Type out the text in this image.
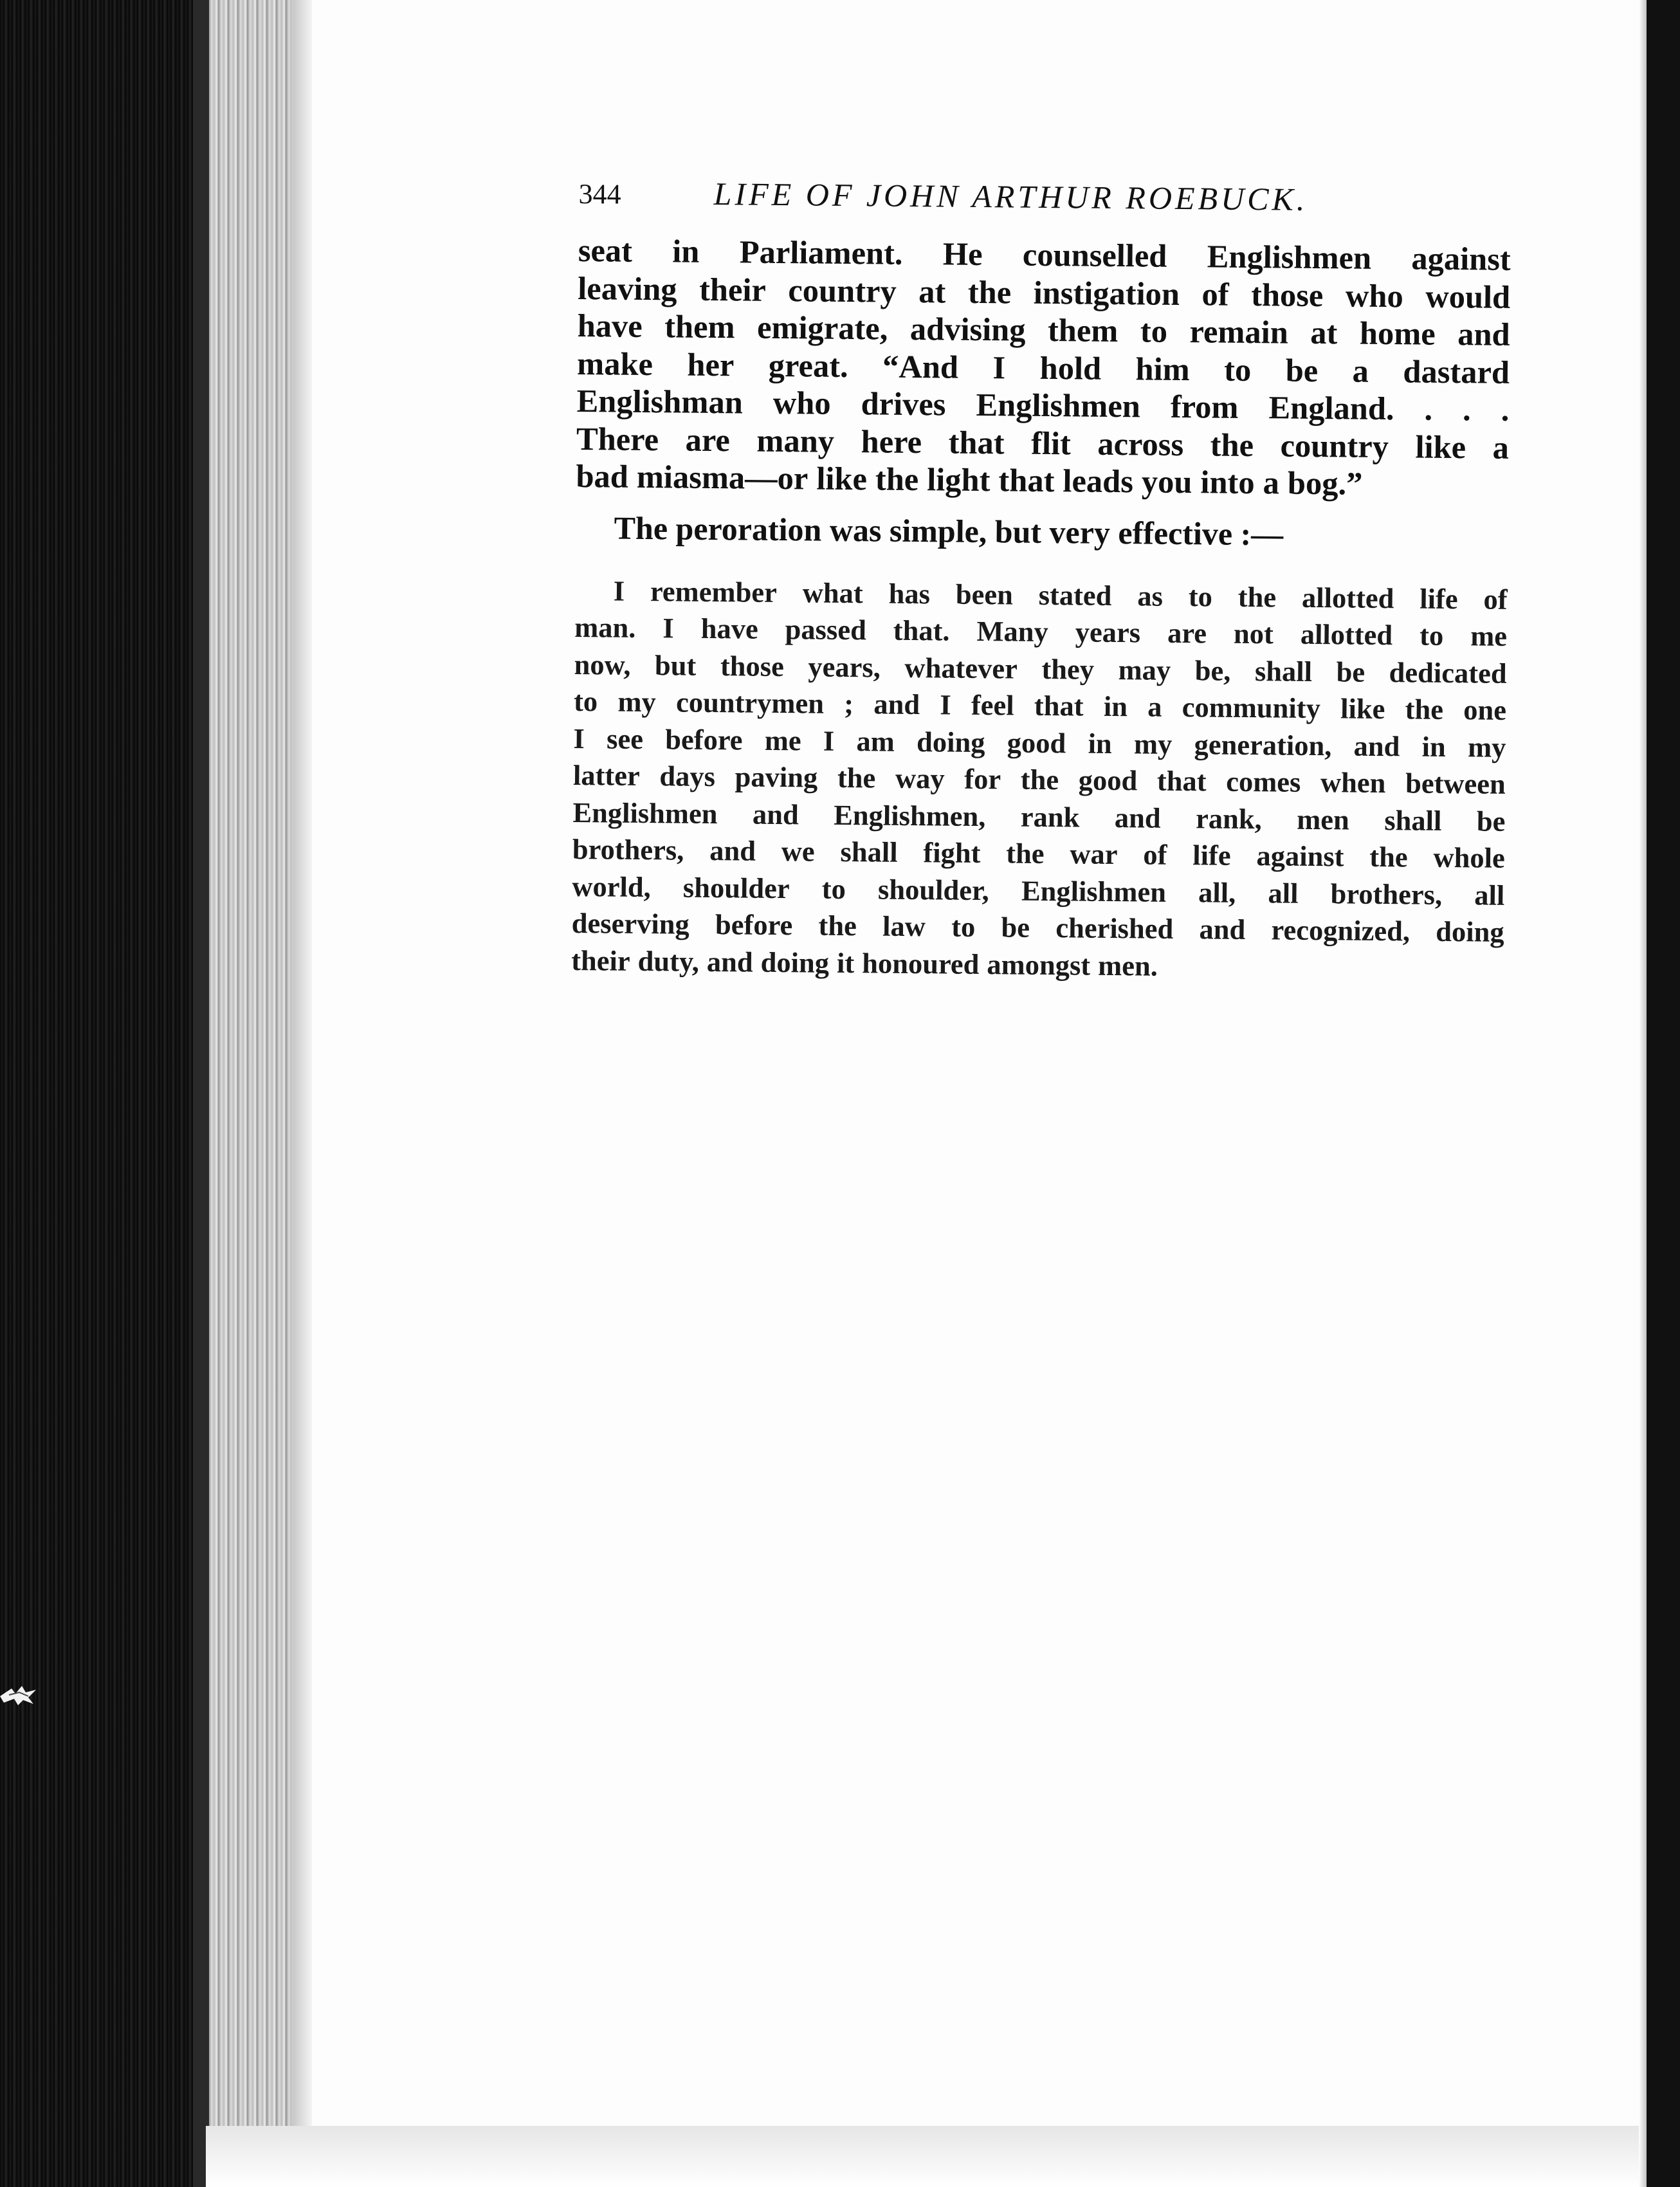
344	LIFE OF JOHN ARTHUR ROEBUCK.
seat in Parliament. He counselled Englishmen against
leaving their country at the instigation of those who would
have them emigrate, advising them to remain at home and
make her great. “And I hold him to be a dastard
Englishman who drives Englishmen from England. . . .
There are many here that flit across the country like a
bad miasma—or like the light that leads you into a bog.”
The peroration was simple, but very effective :—
I remember what has been stated as to the allotted life of
man. I have passed that. Many years are not allotted to me
now, but those years, whatever they may be, shall be dedicated
to my countrymen ; and I feel that in a community like the one
I see before me I am doing good in my generation, and in my
latter days paving the way for the good that comes when between
Englishmen and Englishmen, rank and rank, men shall be
brothers, and we shall fight the war of life against the whole
world, shoulder to shoulder, Englishmen all, all brothers, all
deserving before the law to be cherished and recognized, doing
their duty, and doing it honoured amongst men.
